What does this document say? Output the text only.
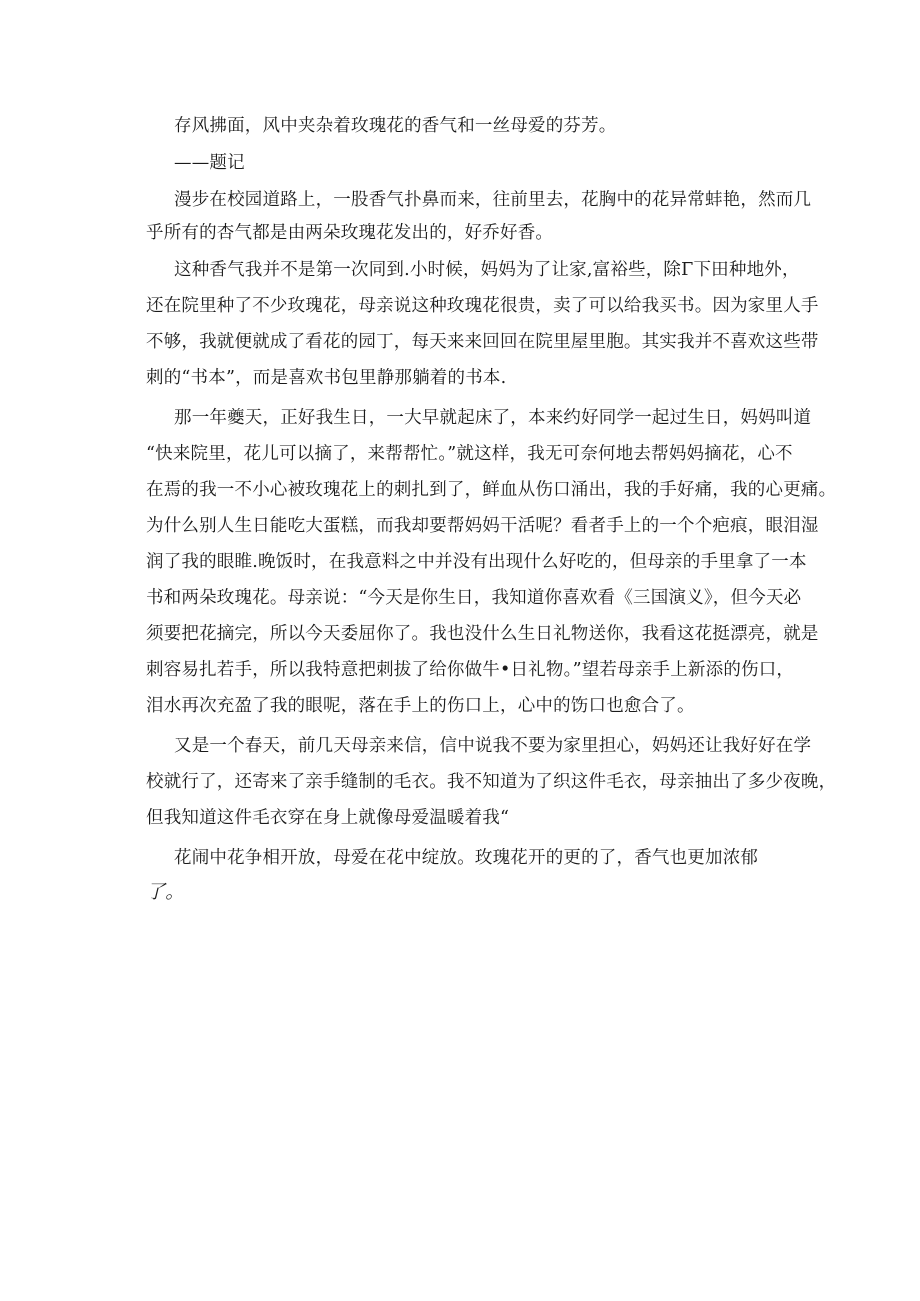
存风拂面，风中夹杂着玫瑰花的香气和一丝母爱的芬芳。
——题记
漫步在校园道路上，一股香气扑鼻而来，往前里去，花胸中的花异常蚌艳，然而几
乎所有的杏气都是由两朵玫瑰花发出的，好乔好香。
这种香气我并不是第一次同到.小时候，妈妈为了让家,富裕些，除Γ下田种地外，
还在院里种了不少玫瑰花，母亲说这种玫瑰花很贵，卖了可以给我买书。因为家里人手
不够，我就便就成了看花的园丁，每天来来回回在院里屋里胞。其实我并不喜欢这些带
刺的“书本”，而是喜欢书包里静那躺着的书本.
那一年夔天，正好我生日，一大早就起床了，本来约好同学一起过生日，妈妈叫道
“快来院里，花儿可以摘了，来帮帮忙。”就这样，我无可奈何地去帮妈妈摘花，心不
在焉的我一不小心被玫瑰花上的刺扎到了，鲜血从伤口涌出，我的手好痛，我的心更痛。
为什么别人生日能吃大蛋糕，而我却要帮妈妈干活呢？看者手上的一个个疤痕，眼泪湿
润了我的眼睢.晚饭时，在我意料之中并没有出现什么好吃的，但母亲的手里拿了一本
书和两朵玫瑰花。母亲说：“今天是你生日，我知道你喜欢看《三国演义》，但今天必
须要把花摘完，所以今天委屈你了。我也没什么生日礼物送你，我看这花挺漂亮，就是
刺容易扎若手，所以我特意把刺拔了给你做牛•日礼物。”望若母亲手上新添的伤口，
泪水再次充盈了我的眼呢，落在手上的伤口上，心中的饬口也愈合了。
又是一个春天，前几天母亲来信，信中说我不要为家里担心，妈妈还让我好好在学
校就行了，还寄来了亲手缝制的毛衣。我不知道为了织这件毛衣，母亲抽出了多少夜晚，
但我知道这件毛衣穿在身上就像母爱温暖着我“
花闹中花争相开放，母爱在花中绽放。玫瑰花开的更的了，香气也更加浓郁
了。
